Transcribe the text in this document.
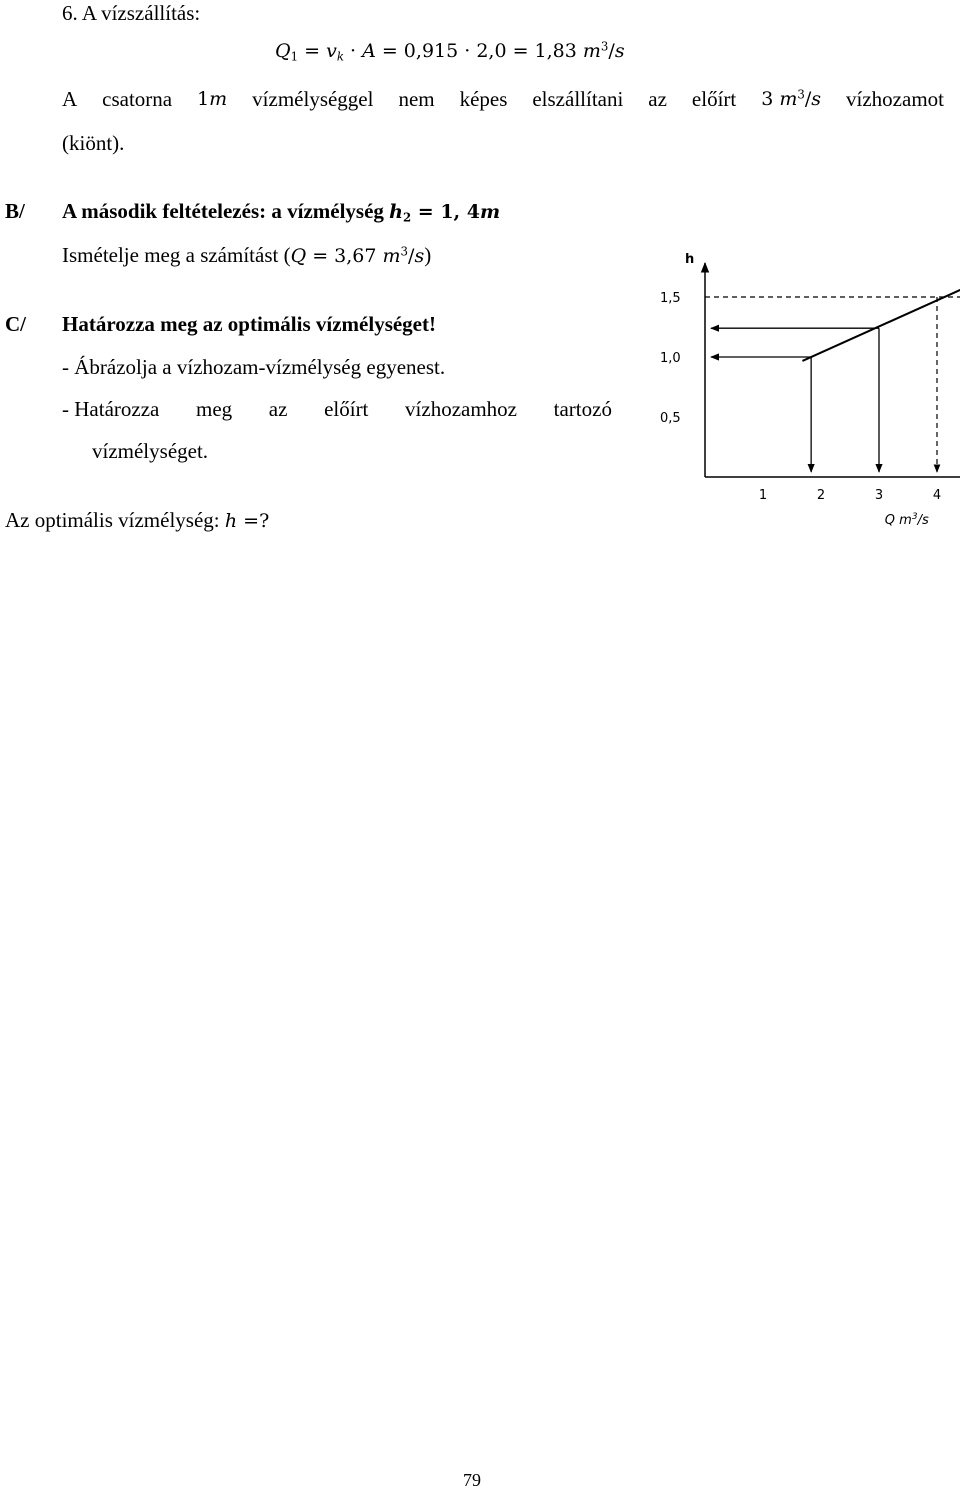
6. A vízszállítás:
$Q_1 = v_k \cdot A = 0,915 \cdot 2,0 = 1,83$ $m^3/s$
A csatorna 1m vízmélységgel nem képes elszállítani az előírt 3 $m^3/s$ vízhozamot
(kiönt).
B/ A második feltételezés: a vízmélység $h_2 = 1$, 4m
Ismételje meg a számítást (Q = 3,67 $m^3/s$)
C/ Határozza meg az optimális vízmélységet!
- Ábrázolja a vízhozam-vízmélység egyenest.
- Határozza meg az előírt vízhozamhoz tartozó
vízmélységet.
Az optimális vízmélység: h =?
h
0,5
1,0
1,5
1	2	3	4
Q $m^3/s$
79
